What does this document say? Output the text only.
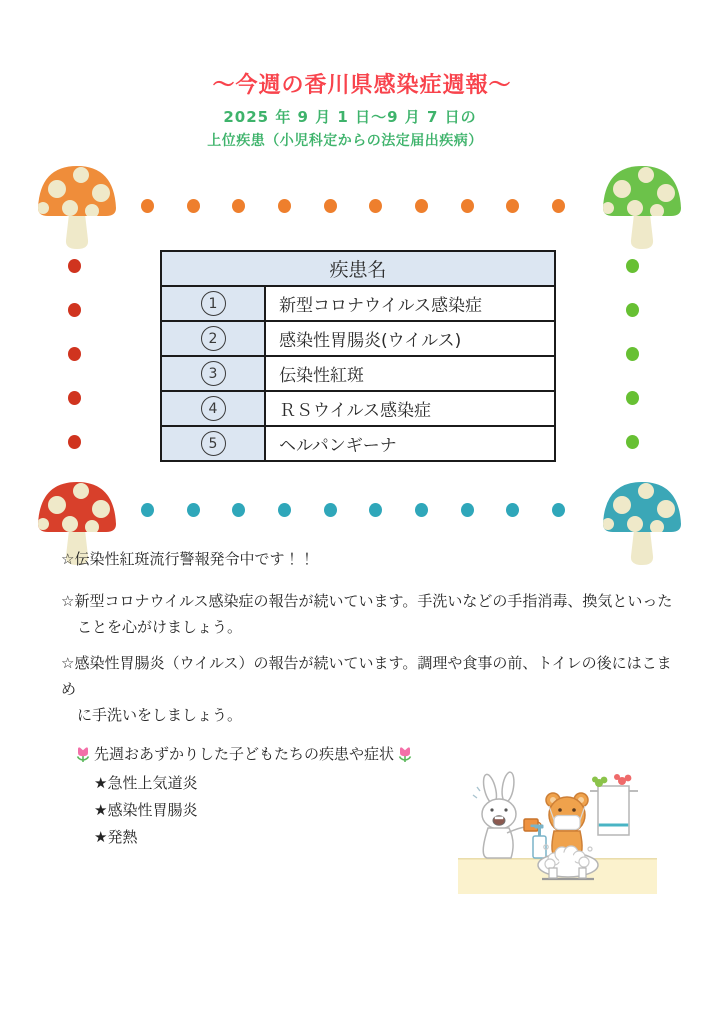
～今週の香川県感染症週報～
2025 年 9 月 1 日～9 月 7 日の
上位疾患（小児科定からの法定届出疾病）
疾患名	
1	新型コロナウイルス感染症
2	感染性胃腸炎(ウイルス)
3	伝染性紅斑
4	ＲＳウイルス感染症
5	ヘルパンギーナ
☆伝染性紅斑流行警報発令中です！！
☆新型コロナウイルス感染症の報告が続いています。手洗いなどの手指消毒、換気といった
ことを心がけましょう。
☆感染性胃腸炎（ウイルス）の報告が続いています。調理や食事の前、トイレの後にはこまめ
に手洗いをしましょう。
先週おあずかりした子どもたちの疾患や症状
★急性上気道炎
★感染性胃腸炎
★発熱
